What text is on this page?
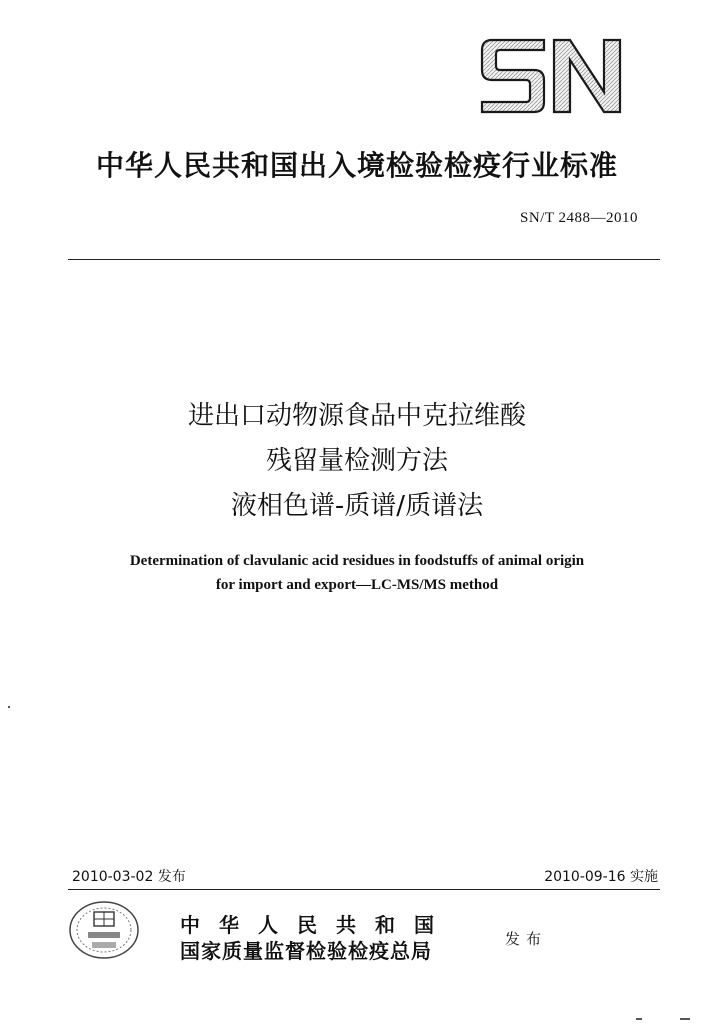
中华人民共和国出入境检验检疫行业标准
SN/T 2488—2010
进出口动物源食品中克拉维酸
残留量检测方法
液相色谱-质谱/质谱法
Determination of clavulanic acid residues in foodstuffs of animal origin
for import and export—LC-MS/MS method
2010-03-02 发布	2010-09-16 实施
中华人民共和国
国家质量监督检验检疫总局	发布
